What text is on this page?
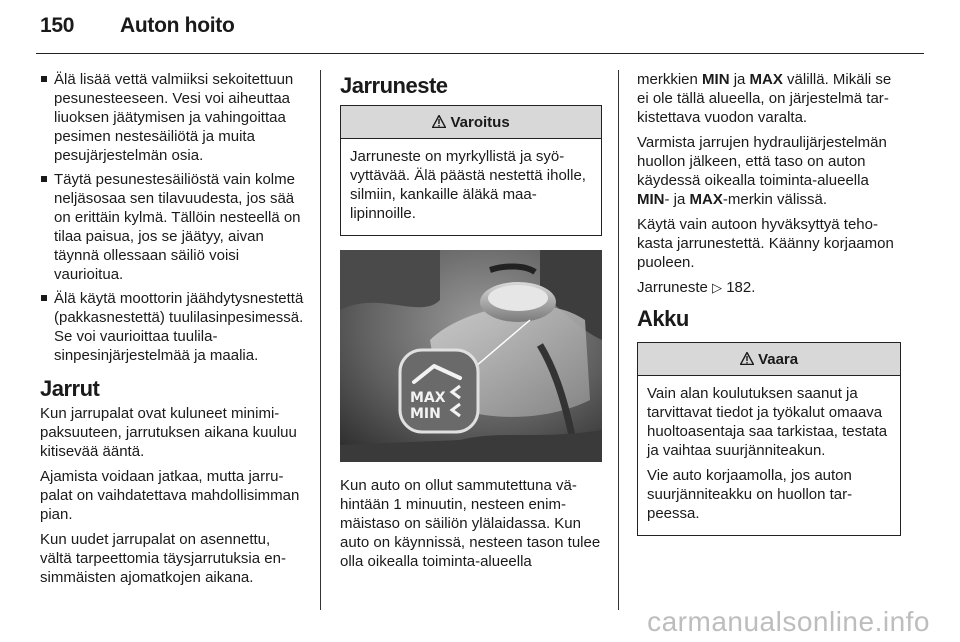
150 Auton hoito
Älä lisää vettä valmiiksi sekoitettuun pesunesteeseen. Vesi voi aiheuttaa liuoksen jäätymisen ja vahingoittaa pesimen nestesäiliötä ja muita pesujärjestelmän osia.
Täytä pesunestesäiliöstä vain kolme neljäsosaa sen tilavuudesta, jos sää on erittäin kylmä. Tällöin nesteellä on tilaa paisua, jos se jäätyy, aivan täynnä ollessaan säiliö voisi vaurioitua.
Älä käytä moottorin jäähdytysnestettä (pakkasnestettä) tuulilasinpesimessä. Se voi vaurioittaa tuulilasinpesinjärjestelmää ja maalia.
Jarrut

Kun jarrupalat ovat kuluneet minimipaksuuteen, jarrutuksen aikana kuuluu kitisevää ääntä.

Ajamista voidaan jatkaa, mutta jarrupalat on vaihdatettava mahdollisimman pian.

Kun uudet jarrupalat on asennettu, vältä tarpeettomia täysjarrutuksia ensimmäisten ajomatkojen aikana.

Jarruneste
Varoitus

Jarruneste on myrkyllistä ja syövyttävää. Älä päästä nestettä iholle, silmiin, kankaille äläkä maalipinnoille.

MAX
MIN

Kun auto on ollut sammutettuna vähintään 1 minuutin, nesteen enimmäistaso on säiliön ylälaidassa. Kun auto on käynnissä, nesteen tason tulee olla oikealla toiminta-alueella

merkkien MIN ja MAX välillä. Mikäli se ei ole tällä alueella, on järjestelmä tarkistettava vuodon varalta.

Varmista jarrujen hydraulijärjestelmän huollon jälkeen, että taso on auton käydessä oikealla toiminta-alueella MIN- ja MAX-merkin välissä.

Käytä vain autoon hyväksyttyä tehokasta jarrunestettä. Käänny korjaamon puoleen.

Jarruneste ▷ 182.

Akku
Vaara

Vain alan koulutuksen saanut ja tarvittavat tiedot ja työkalut omaava huoltoasentaja saa tarkistaa, testata ja vaihtaa suurjänniteakun.

Vie auto korjaamolla, jos auton suurjänniteakku on huollon tarpeessa.

carmanualsonline.info
